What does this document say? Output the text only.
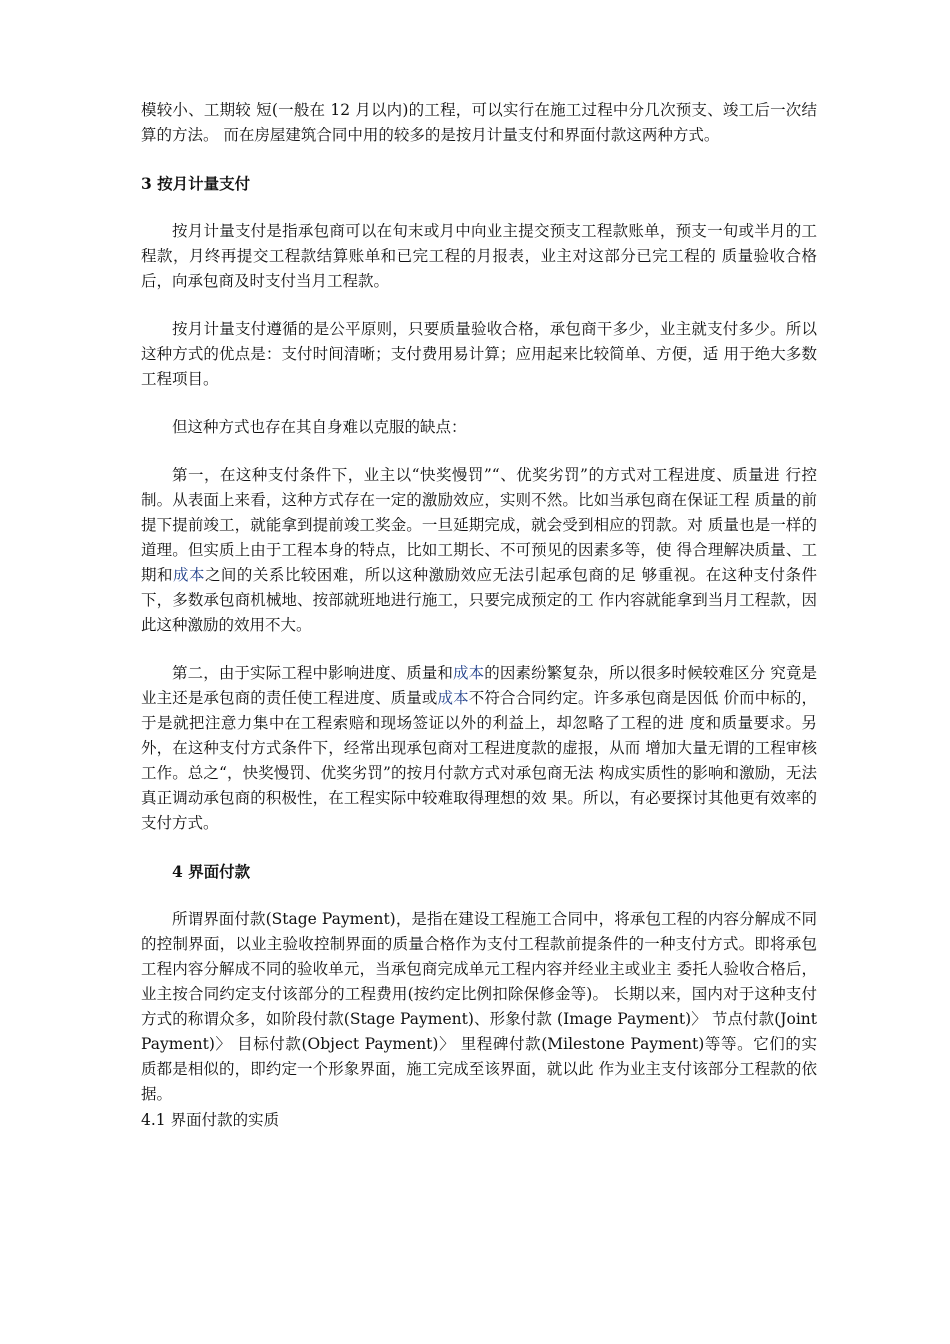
模较小、工期较 短(一般在 12 月以内)的工程，可以实行在施工过程中分几次预支、竣工后一次结算的方法。 而在房屋建筑合同中用的较多的是按月计量支付和界面付款这两种方式。

3 按月计量支付

按月计量支付是指承包商可以在旬末或月中向业主提交预支工程款账单，预支一旬或半月的工程款，月终再提交工程款结算账单和已完工程的月报表，业主对这部分已完工程的 质量验收合格后，向承包商及时支付当月工程款。

按月计量支付遵循的是公平原则，只要质量验收合格，承包商干多少，业主就支付多少。所以这种方式的优点是：支付时间清晰；支付费用易计算；应用起来比较简单、方便，适 用于绝大多数工程项目。

但这种方式也存在其自身难以克服的缺点：

第一，在这种支付条件下，业主以“快奖慢罚”“、优奖劣罚”的方式对工程进度、质量进 行控制。从表面上来看，这种方式存在一定的激励效应，实则不然。比如当承包商在保证工程 质量的前提下提前竣工，就能拿到提前竣工奖金。一旦延期完成，就会受到相应的罚款。对 质量也是一样的道理。但实质上由于工程本身的特点，比如工期长、不可预见的因素多等，使 得合理解决质量、工期和成本之间的关系比较困难，所以这种激励效应无法引起承包商的足 够重视。在这种支付条件下，多数承包商机械地、按部就班地进行施工，只要完成预定的工 作内容就能拿到当月工程款，因此这种激励的效用不大。

第二，由于实际工程中影响进度、质量和成本的因素纷繁复杂，所以很多时候较难区分 究竟是业主还是承包商的责任使工程进度、质量或成本不符合合同约定。许多承包商是因低 价而中标的，于是就把注意力集中在工程索赔和现场签证以外的利益上，却忽略了工程的进 度和质量要求。另外，在这种支付方式条件下，经常出现承包商对工程进度款的虚报，从而 增加大量无谓的工程审核工作。总之“，快奖慢罚、优奖劣罚”的按月付款方式对承包商无法 构成实质性的影响和激励，无法真正调动承包商的积极性，在工程实际中较难取得理想的效 果。所以，有必要探讨其他更有效率的支付方式。

4 界面付款

所谓界面付款(Stage Payment)，是指在建设工程施工合同中，将承包工程的内容分解成不同的控制界面，以业主验收控制界面的质量合格作为支付工程款前提条件的一种支付方式。即将承包工程内容分解成不同的验收单元，当承包商完成单元工程内容并经业主或业主 委托人验收合格后，业主按合同约定支付该部分的工程费用(按约定比例扣除保修金等)。 长期以来，国内对于这种支付方式的称谓众多，如阶段付款(Stage Payment)、形象付款 (Image Payment)〉 节点付款(Joint Payment)〉 目标付款(Object Payment)〉 里程碑付款(Milestone Payment)等等。它们的实质都是相似的，即约定一个形象界面，施工完成至该界面，就以此 作为业主支付该部分工程款的依据。

4.1 界面付款的实质
